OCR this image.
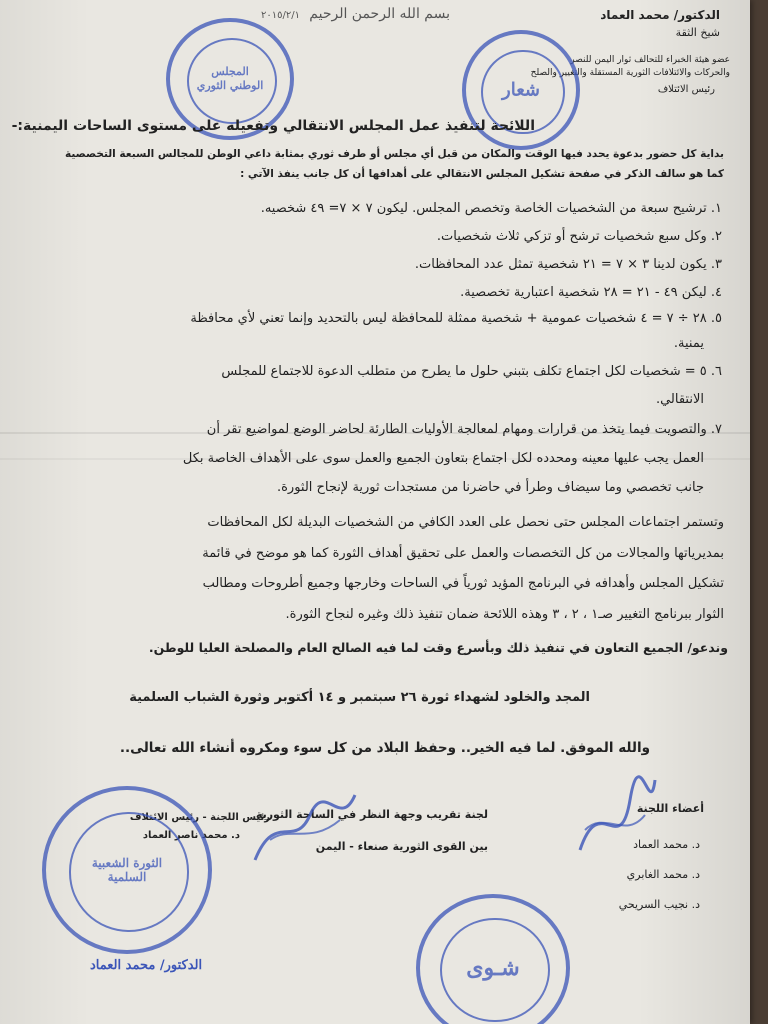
بسم الله الرحمن الرحيم
٢٠١٥/٢/١	الدكتور/ محمد العماد
شيخ الثقة
عضو هيئة الخبراء للتحالف ثوار اليمن للنصر
والحركات والائتلافات الثورية المستقلة والتغيير والصلح
رئيس الائتلاف
المجلس الوطني الثوري	شعار
اللائحة لتنفيذ عمل المجلس الانتقالي وتفعيله على مستوى الساحات اليمنية:-
بداية كل حضور بدعوة يحدد فيها الوقت والمكان من قبل أي مجلس أو طرف ثوري بمثابة داعي الوطن للمجالس السبعة التخصصية
كما هو سالف الذكر في صفحة تشكيل المجلس الانتقالي على أهدافها أن كل جانب ينفذ الآتي :
١. ترشيح سبعة من الشخصيات الخاصة وتخصص المجلس. ليكون ٧ × ٧= ٤٩ شخصيه.
٢. وكل سبع شخصيات ترشح أو تزكي ثلاث شخصيات.
٣. يكون لدينا ٣ × ٧ = ٢١ شخصية تمثل عدد المحافظات.
٤. ليكن ٤٩ - ٢١ = ٢٨ شخصية اعتبارية تخصصية.
٥. ٢٨ ÷ ٧ = ٤ شخصيات عمومية + شخصية ممثلة للمحافظة ليس بالتحديد وإنما تعني لأي محافظة
يمنية.
٦. ٥ = شخصيات لكل اجتماع تكلف بتبني حلول ما يطرح من متطلب الدعوة للاجتماع للمجلس
الانتقالي.
٧. والتصويت فيما يتخذ من قرارات ومهام لمعالجة الأوليات الطارئة لحاضر الوضع لمواضيع تقر أن
العمل يجب عليها معينه ومحدده لكل اجتماع بتعاون الجميع والعمل سوى على الأهداف الخاصة بكل
جانب تخصصي وما سيضاف وطرأ في حاضرنا من مستجدات ثورية لإنجاح الثورة.
وتستمر اجتماعات المجلس حتى نحصل على العدد الكافي من الشخصيات البديلة لكل المحافظات
بمديرياتها والمجالات من كل التخصصات والعمل على تحقيق أهداف الثورة كما هو موضح في قائمة
تشكيل المجلس وأهدافه في البرنامج المؤيد ثورياً في الساحات وخارجها وجميع أطروحات ومطالب
الثوار ببرنامج التغيير صـ١ ، ٢ ، ٣ وهذه اللائحة ضمان تنفيذ ذلك وغيره لنجاح الثورة.
وندعو/ الجميع التعاون في تنفيذ ذلك وبأسرع وقت لما فيه الصالح العام والمصلحة العليا للوطن.
المجد والخلود لشهداء ثورة ٢٦ سبتمبر و ١٤ أكتوبر وثورة الشباب السلمية
والله الموفق. لما فيه الخير.. وحفظ البلاد من كل سوء ومكروه أنشاء الله تعالى..
أعضاء اللجنة
د. محمد العماد
د. محمد الغابري
د. نجيب السريحي
لجنة تقريب وجهة النظر في الساحة الثورية
بين القوى الثورية صنعاء - اليمن
رئيس اللجنة - رئيس الائتلاف
د. محمد ناصر العماد
الدكتور/ محمد العماد
الثورة الشعبية السلمية
شـوى
